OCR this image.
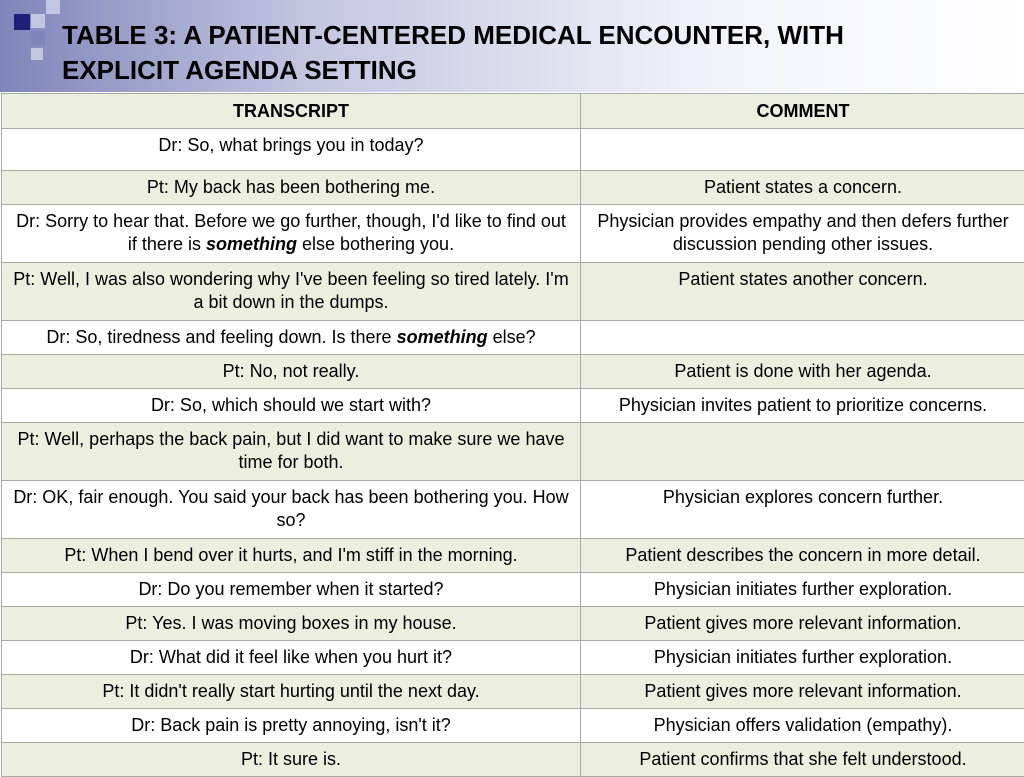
TABLE 3: A PATIENT-CENTERED MEDICAL ENCOUNTER, WITH
EXPLICIT AGENDA SETTING
TRANSCRIPT	COMMENT
Dr: So, what brings you in today?	
Pt: My back has been bothering me.	Patient states a concern.
Dr: Sorry to hear that. Before we go further, though, I'd like to find out if there is something else bothering you.	Physician provides empathy and then defers further discussion pending other issues.
Pt: Well, I was also wondering why I've been feeling so tired lately. I'm a bit down in the dumps.	Patient states another concern.
Dr: So, tiredness and feeling down. Is there something else?	
Pt: No, not really.	Patient is done with her agenda.
Dr: So, which should we start with?	Physician invites patient to prioritize concerns.
Pt: Well, perhaps the back pain, but I did want to make sure we have time for both.	
Dr: OK, fair enough. You said your back has been bothering you. How so?	Physician explores concern further.
Pt: When I bend over it hurts, and I'm stiff in the morning.	Patient describes the concern in more detail.
Dr: Do you remember when it started?	Physician initiates further exploration.
Pt: Yes. I was moving boxes in my house.	Patient gives more relevant information.
Dr: What did it feel like when you hurt it?	Physician initiates further exploration.
Pt: It didn't really start hurting until the next day.	Patient gives more relevant information.
Dr: Back pain is pretty annoying, isn't it?	Physician offers validation (empathy).
Pt: It sure is.	Patient confirms that she felt understood.
